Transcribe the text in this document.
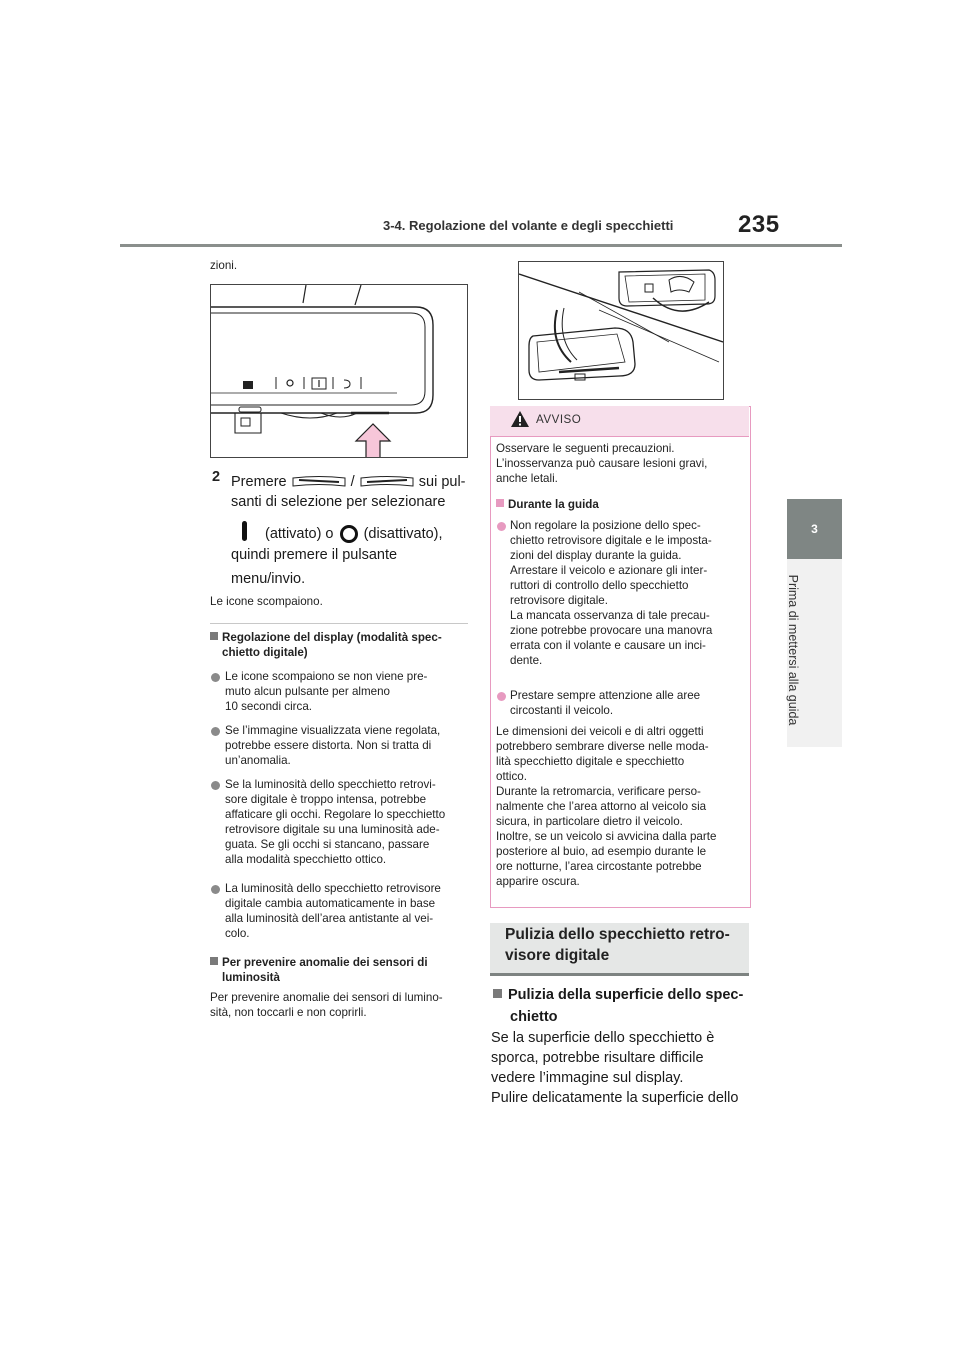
3-4. Regolazione del volante e degli specchietti	235
3
Prima di mettersi alla guida
zioni.
2 Premere	/	sui pul-
santi di selezione per selezionare
(attivato) o (disattivato),
quindi premere il pulsante
menu/invio.
Le icone scompaiono.
Regolazione del display (modalità spec-
chietto digitale)
Le icone scompaiono se non viene pre-
muto alcun pulsante per almeno
10 secondi circa.
Se l’immagine visualizzata viene regolata,
potrebbe essere distorta. Non si tratta di
un’anomalia.
Se la luminosità dello specchietto retrovi-
sore digitale è troppo intensa, potrebbe
affaticare gli occhi. Regolare lo specchietto
retrovisore digitale su una luminosità ade-
guata. Se gli occhi si stancano, passare
alla modalità specchietto ottico.
La luminosità dello specchietto retrovisore
digitale cambia automaticamente in base
alla luminosità dell’area antistante al vei-
colo.
Per prevenire anomalie dei sensori di
luminosità
Per prevenire anomalie dei sensori di lumino-
sità, non toccarli e non coprirli.
AVVISO
Osservare le seguenti precauzioni.
L’inosservanza può causare lesioni gravi,
anche letali.
Durante la guida
Non regolare la posizione dello spec-
chietto retrovisore digitale e le imposta-
zioni del display durante la guida.
Arrestare il veicolo e azionare gli inter-
ruttori di controllo dello specchietto
retrovisore digitale.
La mancata osservanza di tale precau-
zione potrebbe provocare una manovra
errata con il volante e causare un inci-
dente.
Prestare sempre attenzione alle aree
circostanti il veicolo.
Le dimensioni dei veicoli e di altri oggetti
potrebbero sembrare diverse nelle moda-
lità specchietto digitale e specchietto
ottico.
Durante la retromarcia, verificare perso-
nalmente che l’area attorno al veicolo sia
sicura, in particolare dietro il veicolo.
Inoltre, se un veicolo si avvicina dalla parte
posteriore al buio, ad esempio durante le
ore notturne, l’area circostante potrebbe
apparire oscura.
Pulizia dello specchietto retro-
visore digitale
Pulizia della superficie dello spec-
chietto
Se la superficie dello specchietto è
sporca, potrebbe risultare difficile
vedere l’immagine sul display.
Pulire delicatamente la superficie dello
